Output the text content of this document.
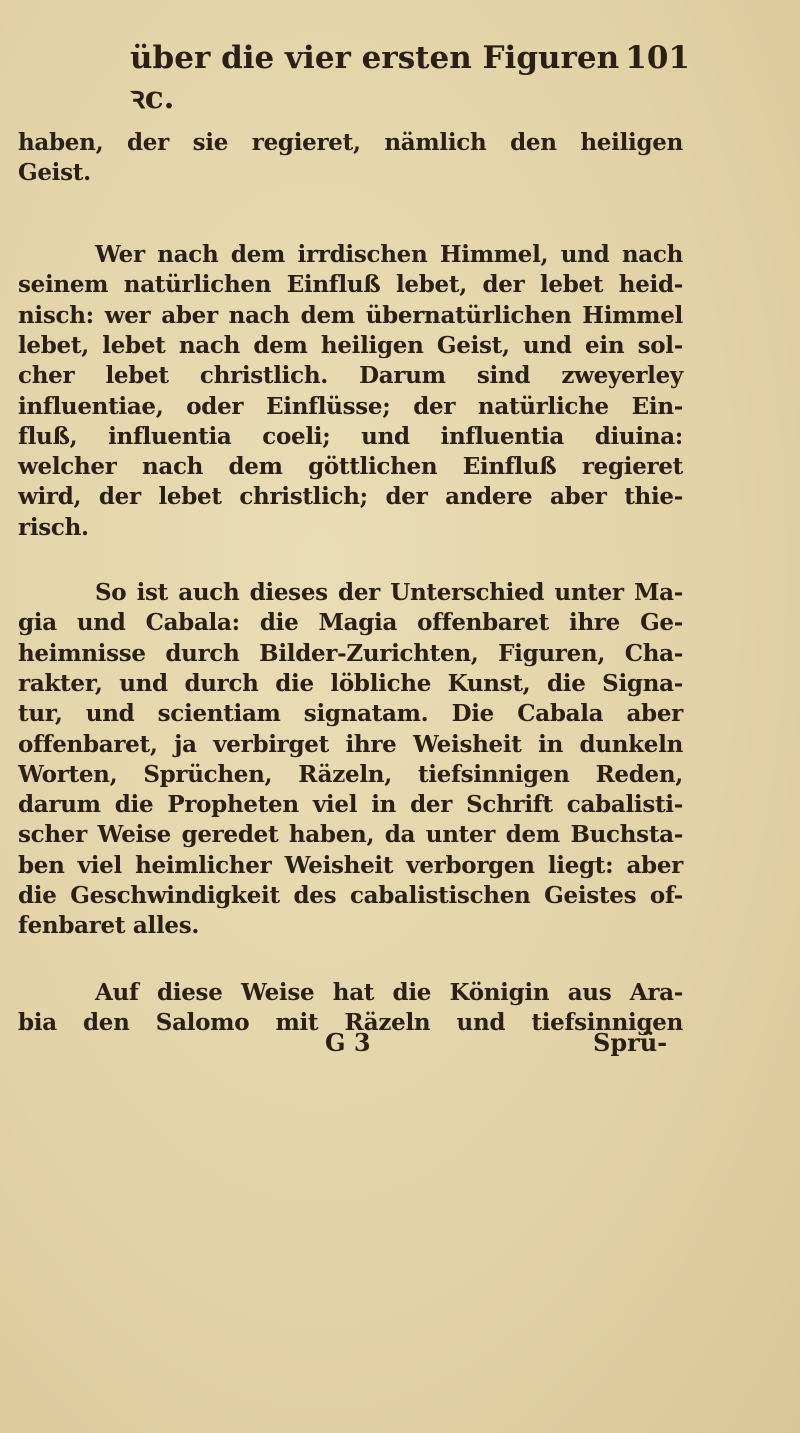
über die vier ersten Figuren ꝛc.
101
haben, der sie regieret, nämlich den heiligen
Geist.
Wer nach dem irrdischen Himmel, und nach
seinem natürlichen Einfluß lebet, der lebet heid-
nisch: wer aber nach dem übernatürlichen Himmel
lebet, lebet nach dem heiligen Geist, und ein sol-
cher lebet christlich. Darum sind zweyerley
influentiae, oder Einflüsse; der natürliche Ein-
fluß, influentia coeli; und influentia diuina:
welcher nach dem göttlichen Einfluß regieret
wird, der lebet christlich; der andere aber thie-
risch.
So ist auch dieses der Unterschied unter Ma-
gia und Cabala: die Magia offenbaret ihre Ge-
heimnisse durch Bilder-Zurichten, Figuren, Cha-
rakter, und durch die löbliche Kunst, die Signa-
tur, und scientiam signatam. Die Cabala aber
offenbaret, ja verbirget ihre Weisheit in dunkeln
Worten, Sprüchen, Räzeln, tiefsinnigen Reden,
darum die Propheten viel in der Schrift cabalisti-
scher Weise geredet haben, da unter dem Buchsta-
ben viel heimlicher Weisheit verborgen liegt: aber
die Geschwindigkeit des cabalistischen Geistes of-
fenbaret alles.
Auf diese Weise hat die Königin aus Ara-
bia den Salomo mit Räzeln und tiefsinnigen
G 3	Sprü-
